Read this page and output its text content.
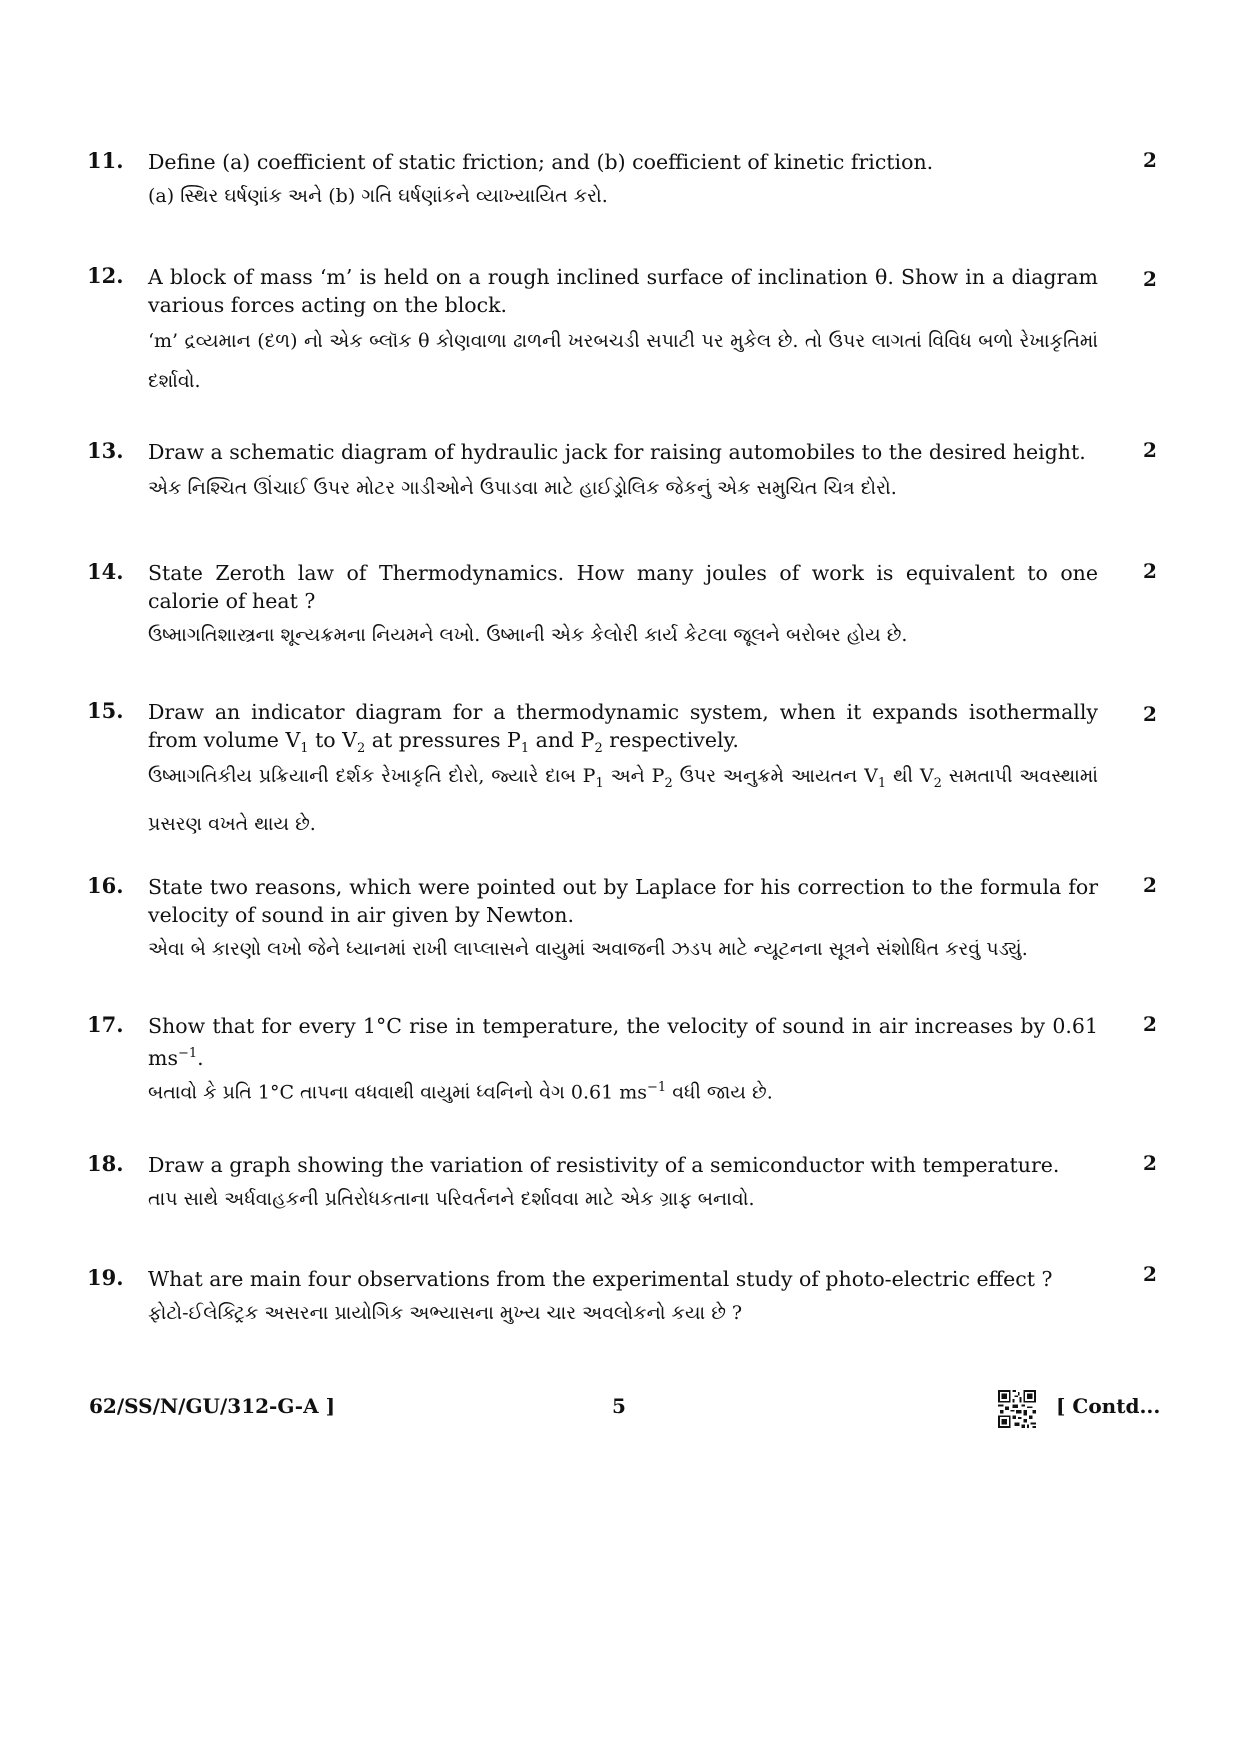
11. Define (a) coefficient of static friction; and (b) coefficient of kinetic friction.
(a) સ્થિર ઘર્ષણાંક અને (b) ગતિ ઘર્ષણાંકને વ્યાખ્યાયિત કરો.
2
12. A block of mass ‘m’ is held on a rough inclined surface of inclination θ. Show in a diagram various forces acting on the block.
‘m’ દ્રવ્યમાન (દળ) નો એક બ્લૉક θ કોણવાળા ઢાળની ખરબચડી સપાટી પર મુકેલ છે. તો ઉપર લાગતાં વિવિધ બળો રેખાકૃતિમાં દર્શાવો.
2
13. Draw a schematic diagram of hydraulic jack for raising automobiles to the desired height.
એક નિશ્ચિત ઊંચાઈ ઉપર મોટર ગાડીઓને ઉપાડવા માટે હાઈડ્રોલિક જેકનું એક સમુચિત ચિત્ર દોરો.
2
14. State Zeroth law of Thermodynamics. How many joules of work is equivalent to one calorie of heat ?
ઉષ્માગતિશાસ્ત્રના શૂન્યક્રમના નિયમને લખો. ઉષ્માની એક કેલોરી કાર્ય કેટલા જૂલને બરોબર હોય છે.
2
15. Draw an indicator diagram for a thermodynamic system, when it expands isothermally from volume $V_1$ to $V_2$ at pressures $P_1$ and $P_2$ respectively.
ઉષ્માગતિકીય પ્રક્રિયાની દર્શક રેખાકૃતિ દોરો, જ્યારે દાબ $P_1$ અને $P_2$ ઉપર અનુક્રમે આયતન $V_1$ થી $V_2$ સમતાપી અવસ્થામાં પ્રસરણ વખતે થાય છે.
2
16. State two reasons, which were pointed out by Laplace for his correction to the formula for velocity of sound in air given by Newton.
એવા બે કારણો લખો જેને ધ્યાનમાં રાખી લાપ્લાસને વાયુમાં અવાજની ઝડપ માટે ન્યૂટનના સૂત્રને સંશોધિત કરવું પડ્યું.
2
17. Show that for every 1°C rise in temperature, the velocity of sound in air increases by 0.61 $ms^{-1}$.
બતાવો કે પ્રતિ 1°C તાપના વધવાથી વાયુમાં ધ્વનિનો વેગ 0.61 $ms^{-1}$ વધી જાય છે.
2
18. Draw a graph showing the variation of resistivity of a semiconductor with temperature.
તાપ સાથે અર્ધવાહકની પ્રતિરોધકતાના પરિવર્તનને દર્શાવવા માટે એક ગ્રાફ બનાવો.
2
19. What are main four observations from the experimental study of photo-electric effect ?
ફોટો-ઈલેક્ટ્રિક અસરના પ્રાયોગિક અભ્યાસના મુખ્ય ચાર અવલોકનો કયા છે ?
2
62/SS/N/GU/312-G-A ]	5	[ Contd...
